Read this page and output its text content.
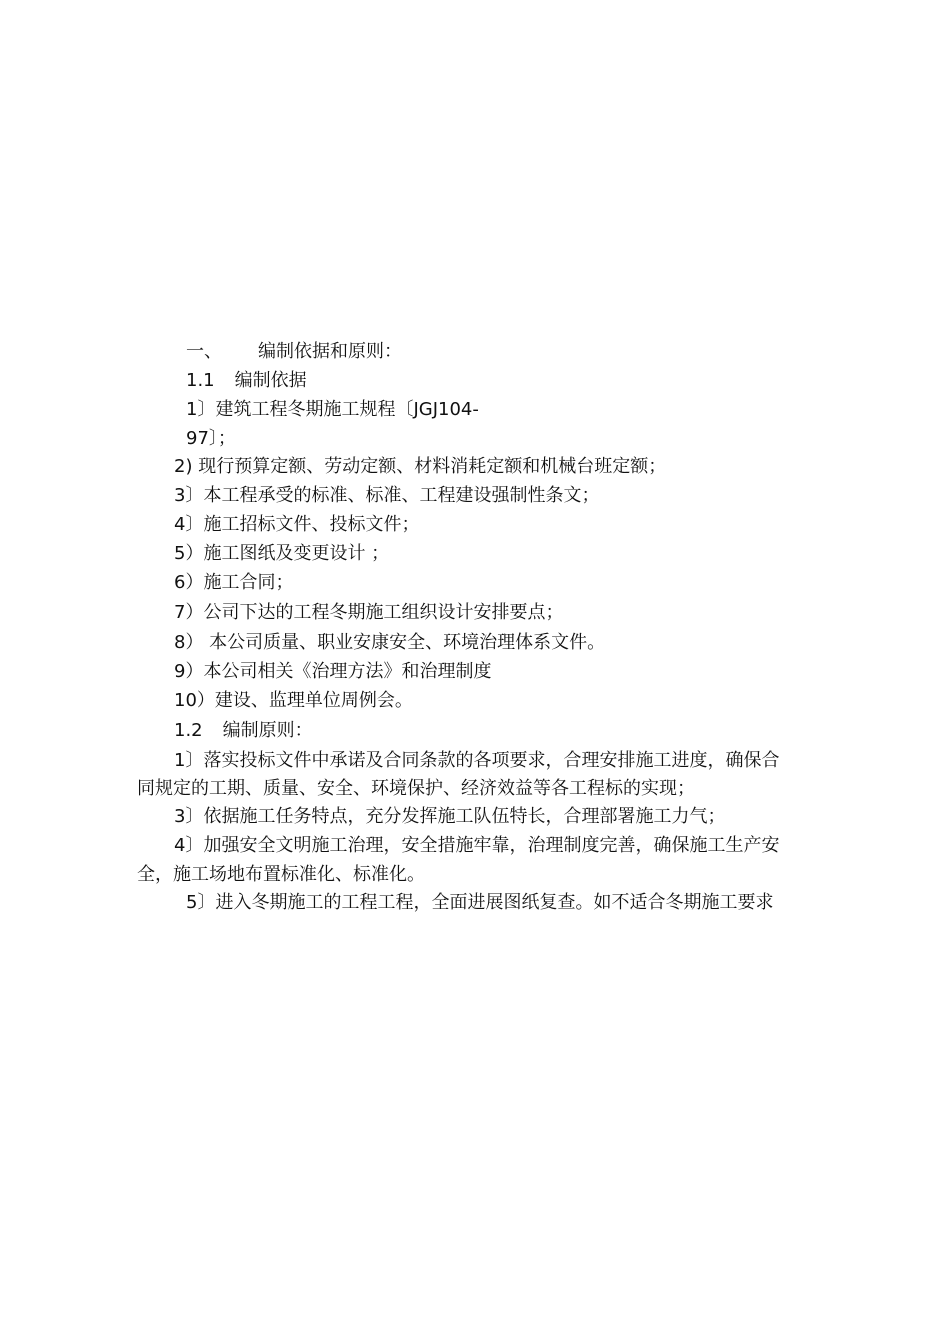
一、 编制依据和原则：
1.1 编制依据
1〕建筑工程冬期施工规程〔JGJ104-
97〕；
2) 现行预算定额、劳动定额、材料消耗定额和机械台班定额；
3〕本工程承受的标准、标准、工程建设强制性条文；
4〕施工招标文件、投标文件；
5）施工图纸及变更设计 ；
6）施工合同；
7）公司下达的工程冬期施工组织设计安排要点；
8） 本公司质量、职业安康安全、环境治理体系文件。
9）本公司相关《治理方法》和治理制度
10）建设、监理单位周例会。
1.2 编制原则：
1〕落实投标文件中承诺及合同条款的各项要求，合理安排施工进度，确保合
同规定的工期、质量、安全、环境保护、经济效益等各工程标的实现；
3〕依据施工任务特点，充分发挥施工队伍特长，合理部署施工力气；
4〕加强安全文明施工治理，安全措施牢靠，治理制度完善，确保施工生产安
全，施工场地布置标准化、标准化。
5〕进入冬期施工的工程工程，全面进展图纸复查。如不适合冬期施工要求
